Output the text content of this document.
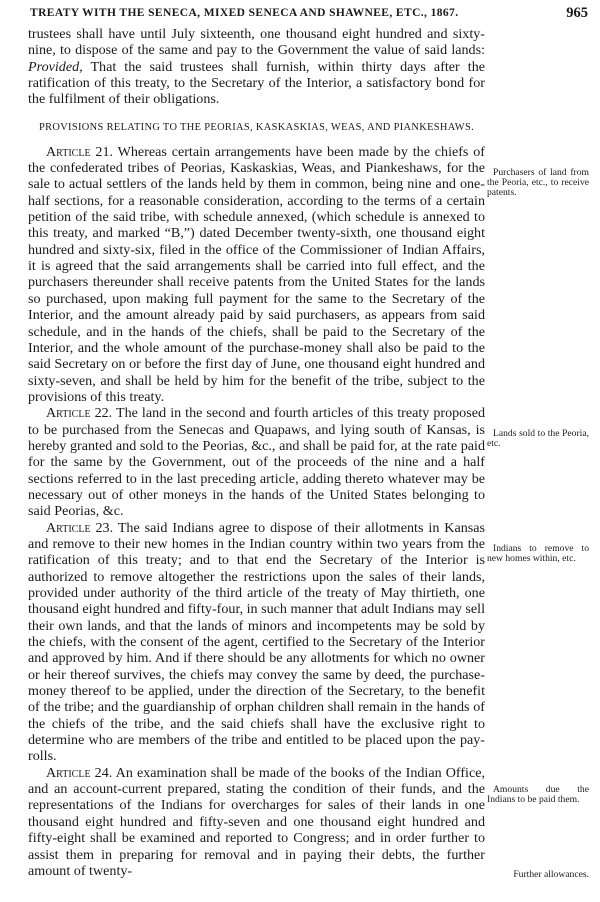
TREATY WITH THE SENECA, MIXED SENECA AND SHAWNEE, ETC., 1867.	965

trustees shall have until July sixteenth, one thousand eight hundred and sixty-nine, to dispose of the same and pay to the Government the value of said lands: Provided, That the said trustees shall furnish, within thirty days after the ratification of this treaty, to the Secretary of the Interior, a satisfactory bond for the fulfilment of their obligations.

PROVISIONS RELATING TO THE PEORIAS, KASKASKIAS, WEAS, AND PIANKESHAWS.

Article 21. Whereas certain arrangements have been made by the chiefs of the confederated tribes of Peorias, Kaskaskias, Weas, and Piankeshaws, for the sale to actual settlers of the lands held by them in common, being nine and one-half sections, for a reasonable consideration, according to the terms of a certain petition of the said tribe, with schedule annexed, (which schedule is annexed to this treaty, and marked “B,”) dated December twenty-sixth, one thousand eight hundred and sixty-six, filed in the office of the Commissioner of Indian Affairs, it is agreed that the said arrangements shall be carried into full effect, and the purchasers thereunder shall receive patents from the United States for the lands so purchased, upon making full payment for the same to the Secretary of the Interior, and the amount already paid by said purchasers, as appears from said schedule, and in the hands of the chiefs, shall be paid to the Secretary of the Interior, and the whole amount of the purchase-money shall also be paid to the said Secretary on or before the first day of June, one thousand eight hundred and sixty-seven, and shall be held by him for the benefit of the tribe, subject to the provisions of this treaty.

Article 22. The land in the second and fourth articles of this treaty proposed to be purchased from the Senecas and Quapaws, and lying south of Kansas, is hereby granted and sold to the Peorias, &c., and shall be paid for, at the rate paid for the same by the Government, out of the proceeds of the nine and a half sections referred to in the last preceding article, adding thereto whatever may be necessary out of other moneys in the hands of the United States belonging to said Peorias, &c.

Article 23. The said Indians agree to dispose of their allotments in Kansas and remove to their new homes in the Indian country within two years from the ratification of this treaty; and to that end the Secretary of the Interior is authorized to remove altogether the restrictions upon the sales of their lands, provided under authority of the third article of the treaty of May thirtieth, one thousand eight hundred and fifty-four, in such manner that adult Indians may sell their own lands, and that the lands of minors and incompetents may be sold by the chiefs, with the consent of the agent, certified to the Secretary of the Interior and approved by him. And if there should be any allotments for which no owner or heir thereof survives, the chiefs may convey the same by deed, the purchase-money thereof to be applied, under the direction of the Secretary, to the benefit of the tribe; and the guardianship of orphan children shall remain in the hands of the chiefs of the tribe, and the said chiefs shall have the exclusive right to determine who are members of the tribe and entitled to be placed upon the pay-rolls.

Article 24. An examination shall be made of the books of the Indian Office, and an account-current prepared, stating the condition of their funds, and the representations of the Indians for overcharges for sales of their lands in one thousand eight hundred and fifty-seven and one thousand eight hundred and fifty-eight shall be examined and reported to Congress; and in order further to assist them in preparing for removal and in paying their debts, the further amount of twenty-

Purchasers of land from the Peoria, etc., to receive patents.
Lands sold to the Peoria, etc.
Indians to remove to new homes within, etc.
Amounts due the Indians to be paid them.
Further allowances.
